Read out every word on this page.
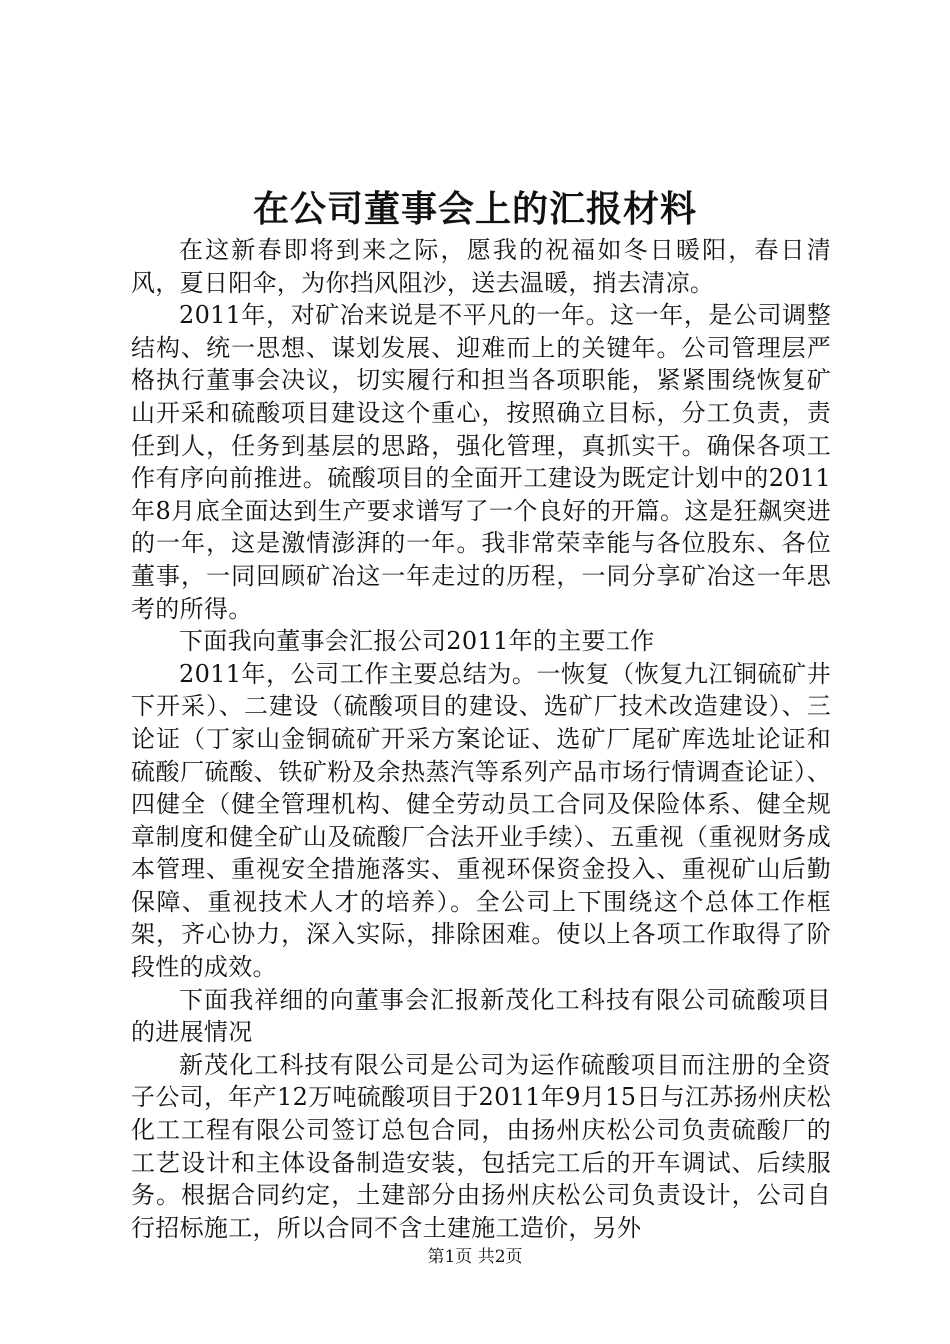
在公司董事会上的汇报材料

在这新春即将到来之际，愿我的祝福如冬日暖阳，春日清风，夏日阳伞，为你挡风阻沙，送去温暖，捎去清凉。

2011年，对矿冶来说是不平凡的一年。这一年，是公司调整结构、统一思想、谋划发展、迎难而上的关键年。公司管理层严格执行董事会决议，切实履行和担当各项职能，紧紧围绕恢复矿山开采和硫酸项目建设这个重心，按照确立目标，分工负责，责任到人，任务到基层的思路，强化管理，真抓实干。确保各项工作有序向前推进。硫酸项目的全面开工建设为既定计划中的2011年8月底全面达到生产要求谱写了一个良好的开篇。这是狂飙突进的一年，这是激情澎湃的一年。我非常荣幸能与各位股东、各位董事，一同回顾矿冶这一年走过的历程，一同分享矿冶这一年思考的所得。

下面我向董事会汇报公司2011年的主要工作

2011年，公司工作主要总结为。一恢复（恢复九江铜硫矿井下开采）、二建设（硫酸项目的建设、选矿厂技术改造建设）、三论证（丁家山金铜硫矿开采方案论证、选矿厂尾矿库选址论证和硫酸厂硫酸、铁矿粉及余热蒸汽等系列产品市场行情调查论证）、四健全（健全管理机构、健全劳动员工合同及保险体系、健全规章制度和健全矿山及硫酸厂合法开业手续）、五重视（重视财务成本管理、重视安全措施落实、重视环保资金投入、重视矿山后勤保障、重视技术人才的培养）。全公司上下围绕这个总体工作框架，齐心协力，深入实际，排除困难。使以上各项工作取得了阶段性的成效。

下面我祥细的向董事会汇报新茂化工科技有限公司硫酸项目的进展情况

新茂化工科技有限公司是公司为运作硫酸项目而注册的全资子公司，年产12万吨硫酸项目于2011年9月15日与江苏扬州庆松化工工程有限公司签订总包合同，由扬州庆松公司负责硫酸厂的工艺设计和主体设备制造安装，包括完工后的开车调试、后续服务。根据合同约定，土建部分由扬州庆松公司负责设计，公司自行招标施工，所以合同不含土建施工造价，另外

第1页 共2页
